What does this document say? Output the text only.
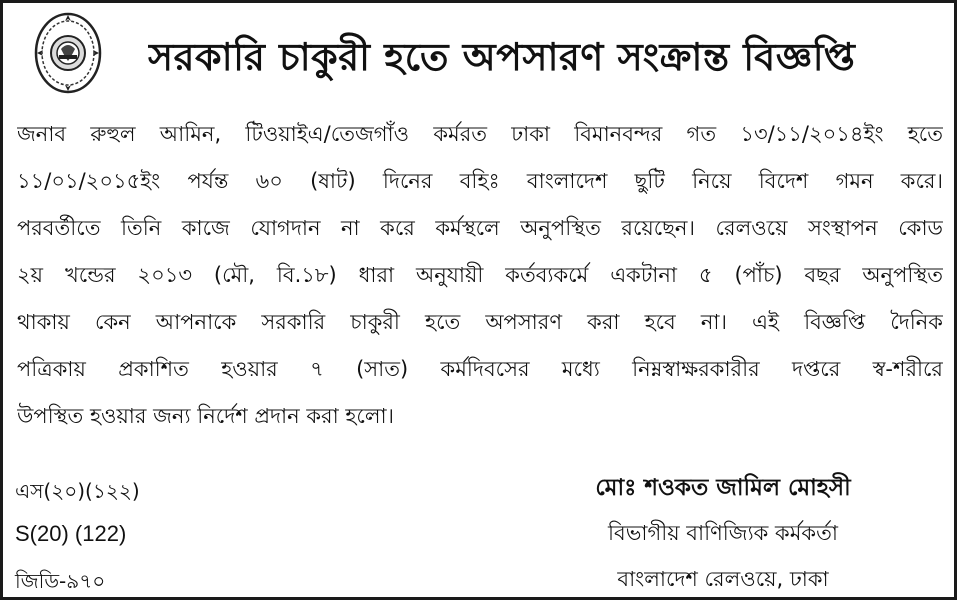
সরকারি চাকুরী হতে অপসারণ সংক্রান্ত বিজ্ঞপ্তি
জনাব রুহুল আমিন, টিওয়াইএ/তেজগাঁও কর্মরত ঢাকা বিমানবন্দর গত ১৩/১১/২০১৪ইং হতে
১১/০১/২০১৫ইং পর্যন্ত ৬০ (ষাট) দিনের বহিঃ বাংলাদেশ ছুটি নিয়ে বিদেশ গমন করে।
পরবর্তীতে তিনি কাজে যোগদান না করে কর্মস্থলে অনুপস্থিত রয়েছেন। রেলওয়ে সংস্থাপন কোড
২য় খন্ডের ২০১৩ (মৌ, বি.১৮) ধারা অনুযায়ী কর্তব্যকর্মে একটানা ৫ (পাঁচ) বছর অনুপস্থিত
থাকায় কেন আপনাকে সরকারি চাকুরী হতে অপসারণ করা হবে না। এই বিজ্ঞপ্তি দৈনিক
পত্রিকায় প্রকাশিত হওয়ার ৭ (সাত) কর্মদিবসের মধ্যে নিম্নস্বাক্ষরকারীর দপ্তরে স্ব-শরীরে
উপস্থিত হওয়ার জন্য নির্দেশ প্রদান করা হলো।
এস(২০)(১২২)
S(20) (122)
জিডি-৯৭০
মোঃ শওকত জামিল মোহসী
বিভাগীয় বাণিজ্যিক কর্মকর্তা
বাংলাদেশ রেলওয়ে, ঢাকা
